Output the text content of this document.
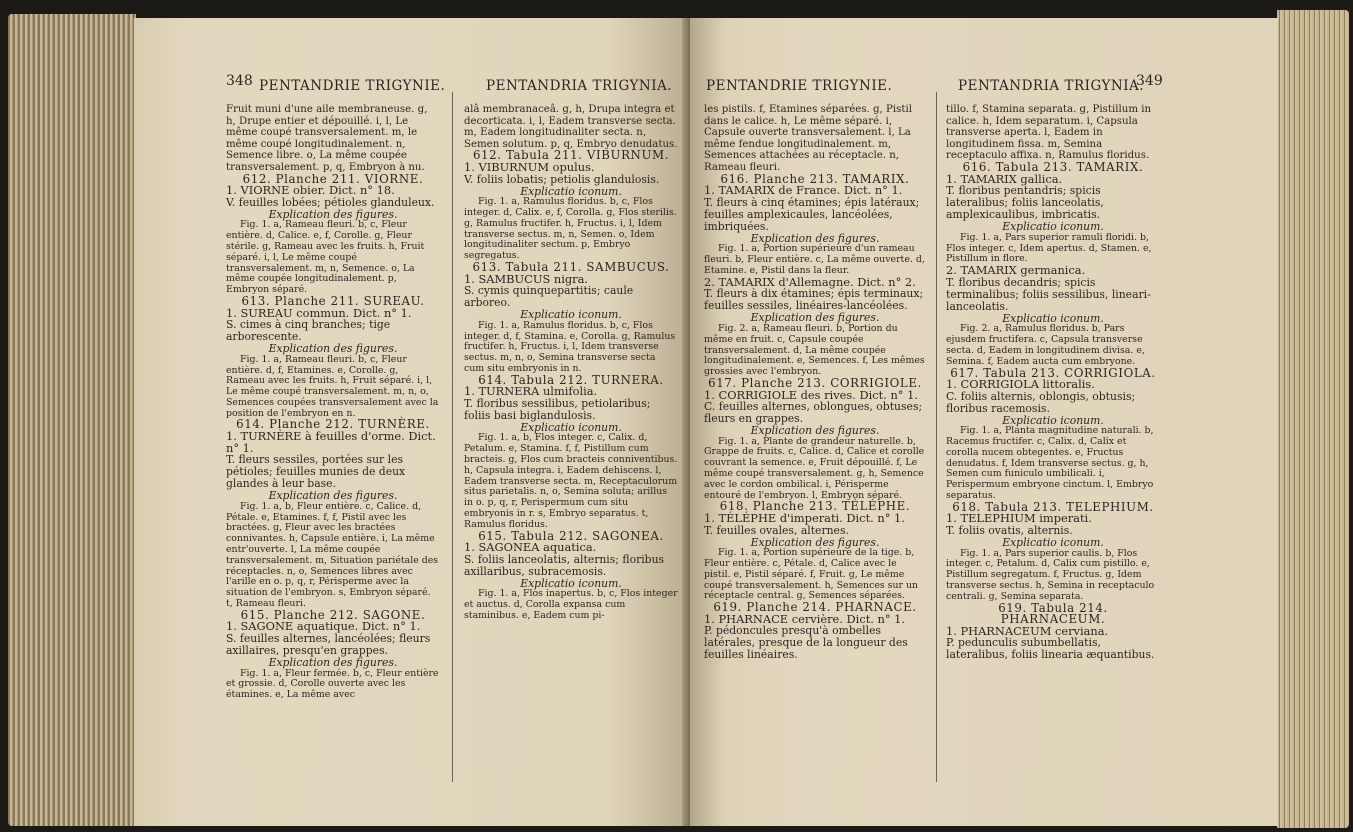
348 PENTANDRIE TRIGYNIE.	PENTANDRIA TRIGYNIA.

Fruit muni d'une aile membraneuse. g, h, Drupe entier et dépouillé. i, l, Le même coupé transversalement. m, le même coupé longitudinalement. n, Semence libre. o, La même coupée transversalement. p, q, Embryon à nu.

612. Planche 211. VIORNE.

1. VIORNE obier. Dict. n° 18.

V. feuilles lobées; pétioles glanduleux.

Explication des figures.

Fig. 1. a, Rameau fleuri. b, c, Fleur entière. d, Calice. e, f, Corolle. g, Fleur stérile. g, Rameau avec les fruits. h, Fruit séparé. i, l, Le même coupé transversalement. m, n, Semence. o, La même coupée longitudinalement. p, Embryon séparé.

613. Planche 211. SUREAU.

1. SUREAU commun. Dict. n° 1.

S. cimes à cinq branches; tige arborescente.

Explication des figures.

Fig. 1. a, Rameau fleuri. b, c, Fleur entière. d, f, Etamines. e, Corolle. g, Rameau avec les fruits. h, Fruit séparé. i, l, Le même coupé transversalement. m, n, o, Semences coupées transversalement avec la position de l'embryon en n.

614. Planche 212. TURNÈRE.

1. TURNÈRE à feuilles d'orme. Dict. n° 1.

T. fleurs sessiles, portées sur les pétioles; feuilles munies de deux glandes à leur base.

Explication des figures.

Fig. 1. a, b, Fleur entière. c, Calice. d, Pétale. e, Etamines. f, f, Pistil avec les bractées. g, Fleur avec les bractées connivantes. h, Capsule entière. i, La même entr'ouverte. l, La même coupée transversalement. m, Situation pariétale des réceptacles. n, o, Semences libres avec l'arille en o. p, q, r, Périsperme avec la situation de l'embryon. s, Embryon séparé. t, Rameau fleuri.

615. Planche 212. SAGONE.

1. SAGONE aquatique. Dict. n° 1.

S. feuilles alternes, lancéolées; fleurs axillaires, presqu'en grappes.

Explication des figures.

Fig. 1. a, Fleur fermée. b, c, Fleur entière et grossie. d, Corolle ouverte avec les étamines. e, La même avec

alâ membranaceâ. g, h, Drupa integra et decorticata. i, l, Eadem transverse secta. m, Eadem longitudinaliter secta. n, Semen solutum. p, q, Embryo denudatus.

612. Tabula 211. VIBURNUM.

1. VIBURNUM opulus.

V. foliis lobatis; petiolis glandulosis.

Explicatio iconum.

Fig. 1. a, Ramulus floridus. b, c, Flos integer. d, Calix. e, f, Corolla. g, Flos sterilis. g, Ramulus fructifer. h, Fructus. i, l, Idem transverse sectus. m, n, Semen. o, Idem longitudinaliter sectum. p, Embryo segregatus.

613. Tabula 211. SAMBUCUS.

1. SAMBUCUS nigra.

S. cymis quinquepartitis; caule arboreo.

Explicatio iconum.

Fig. 1. a, Ramulus floridus. b, c, Flos integer. d, f, Stamina. e, Corolla. g, Ramulus fructifer. h, Fructus. i, l, Idem transverse sectus. m, n, o, Semina transverse secta cum situ embryonis in n.

614. Tabula 212. TURNERA.

1. TURNERA ulmifolia.

T. floribus sessilibus, petiolaribus; foliis basi biglandulosis.

Explicatio iconum.

Fig. 1. a, b, Flos integer. c, Calix. d, Petalum. e, Stamina. f, f, Pistillum cum bracteis. g, Flos cum bracteis conniventibus. h, Capsula integra. i, Eadem dehiscens. l, Eadem transverse secta. m, Receptaculorum situs parietalis. n, o, Semina soluta; arillus in o. p, q, r, Perispermum cum situ embryonis in r. s, Embryo separatus. t, Ramulus floridus.

615. Tabula 212. SAGONEA.

1. SAGONEA aquatica.

S. foliis lanceolatis, alternis; floribus axillaribus, subracemosis.

Explicatio iconum.

Fig. 1. a, Flos inapertus. b, c, Flos integer et auctus. d, Corolla expansa cum staminibus. e, Eadem cum pi-

PENTANDRIE TRIGYNIE.	PENTANDRIA TRIGYNIA.
349

les pistils. f, Etamines séparées. g, Pistil dans le calice. h, Le même séparé. i, Capsule ouverte transversalement. l, La même fendue longitudinalement. m, Semences attachées au réceptacle. n, Rameau fleuri.

616. Planche 213. TAMARIX.

1. TAMARIX de France. Dict. n° 1.

T. fleurs à cinq étamines; épis latéraux; feuilles amplexicaules, lancéolées, imbriquées.

Explication des figures.

Fig. 1. a, Portion supérieure d'un rameau fleuri. b, Fleur entière. c, La même ouverte. d, Etamine. e, Pistil dans la fleur.

2. TAMARIX d'Allemagne. Dict. n° 2.

T. fleurs à dix étamines; épis terminaux; feuilles sessiles, linéaires-lancéolées.

Explication des figures.

Fig. 2. a, Rameau fleuri. b, Portion du même en fruit. c, Capsule coupée transversalement. d, La même coupée longitudinalement. e, Semences. f, Les mêmes grossies avec l'embryon.

617. Planche 213. CORRIGIOLE.

1. CORRIGIOLE des rives. Dict. n° 1.

C. feuilles alternes, oblongues, obtuses; fleurs en grappes.

Explication des figures.

Fig. 1. a, Plante de grandeur naturelle. b, Grappe de fruits. c, Calice. d, Calice et corolle couvrant la semence. e, Fruit dépouillé. f, Le même coupé transversalement. g, h, Semence avec le cordon ombilical. i, Périsperme entouré de l'embryon. l, Embryon séparé.

618. Planche 213. TÉLÉPHE.

1. TÉLÉPHE d'imperati. Dict. n° 1.

T. feuilles ovales, alternes.

Explication des figures.

Fig. 1. a, Portion supérieure de la tige. b, Fleur entière. c, Pétale. d, Calice avec le pistil. e, Pistil séparé. f, Fruit. g, Le même coupé transversalement. h, Semences sur un réceptacle central. g, Semences séparées.

619. Planche 214. PHARNACE.

1. PHARNACE cervière. Dict. n° 1.

P. pédoncules presqu'à ombelles latérales, presque de la longueur des feuilles linéaires.

tillo. f, Stamina separata. g, Pistillum in calice. h, Idem separatum. i, Capsula transverse aperta. l, Eadem in longitudinem fissa. m, Semina receptaculo affixa. n, Ramulus floridus.

616. Tabula 213. TAMARIX.

1. TAMARIX gallica.

T. floribus pentandris; spicis lateralibus; foliis lanceolatis, amplexicaulibus, imbricatis.

Explicatio iconum.

Fig. 1. a, Pars superior ramuli floridi. b, Flos integer. c, Idem apertus. d, Stamen. e, Pistillum in flore.

2. TAMARIX germanica.

T. floribus decandris; spicis terminalibus; foliis sessilibus, lineari-lanceolatis.

Explicatio iconum.

Fig. 2. a, Ramulus floridus. b, Pars ejusdem fructifera. c, Capsula transverse secta. d, Eadem in longitudinem divisa. e, Semina. f, Eadem aucta cum embryone.

617. Tabula 213. CORRIGIOLA.

1. CORRIGIOLA littoralis.

C. foliis alternis, oblongis, obtusis; floribus racemosis.

Explicatio iconum.

Fig. 1. a, Planta magnitudine naturali. b, Racemus fructifer. c, Calix. d, Calix et corolla nucem obtegentes. e, Fructus denudatus. f, Idem transverse sectus. g, h, Semen cum funiculo umbilicali. i, Perispermum embryone cinctum. l, Embryo separatus.

618. Tabula 213. TELEPHIUM.

1. TELEPHIUM imperati.

T. foliis ovatis, alternis.

Explicatio iconum.

Fig. 1. a, Pars superior caulis. b, Flos integer. c, Petalum. d, Calix cum pistillo. e, Pistillum segregatum. f, Fructus. g, Idem transverse sectus. h, Semina in receptaculo centrali. g, Semina separata.

619. Tabula 214. PHARNACEUM.

1. PHARNACEUM cerviana.

P. pedunculis subumbellatis, lateralibus, foliis linearia æquantibus.
